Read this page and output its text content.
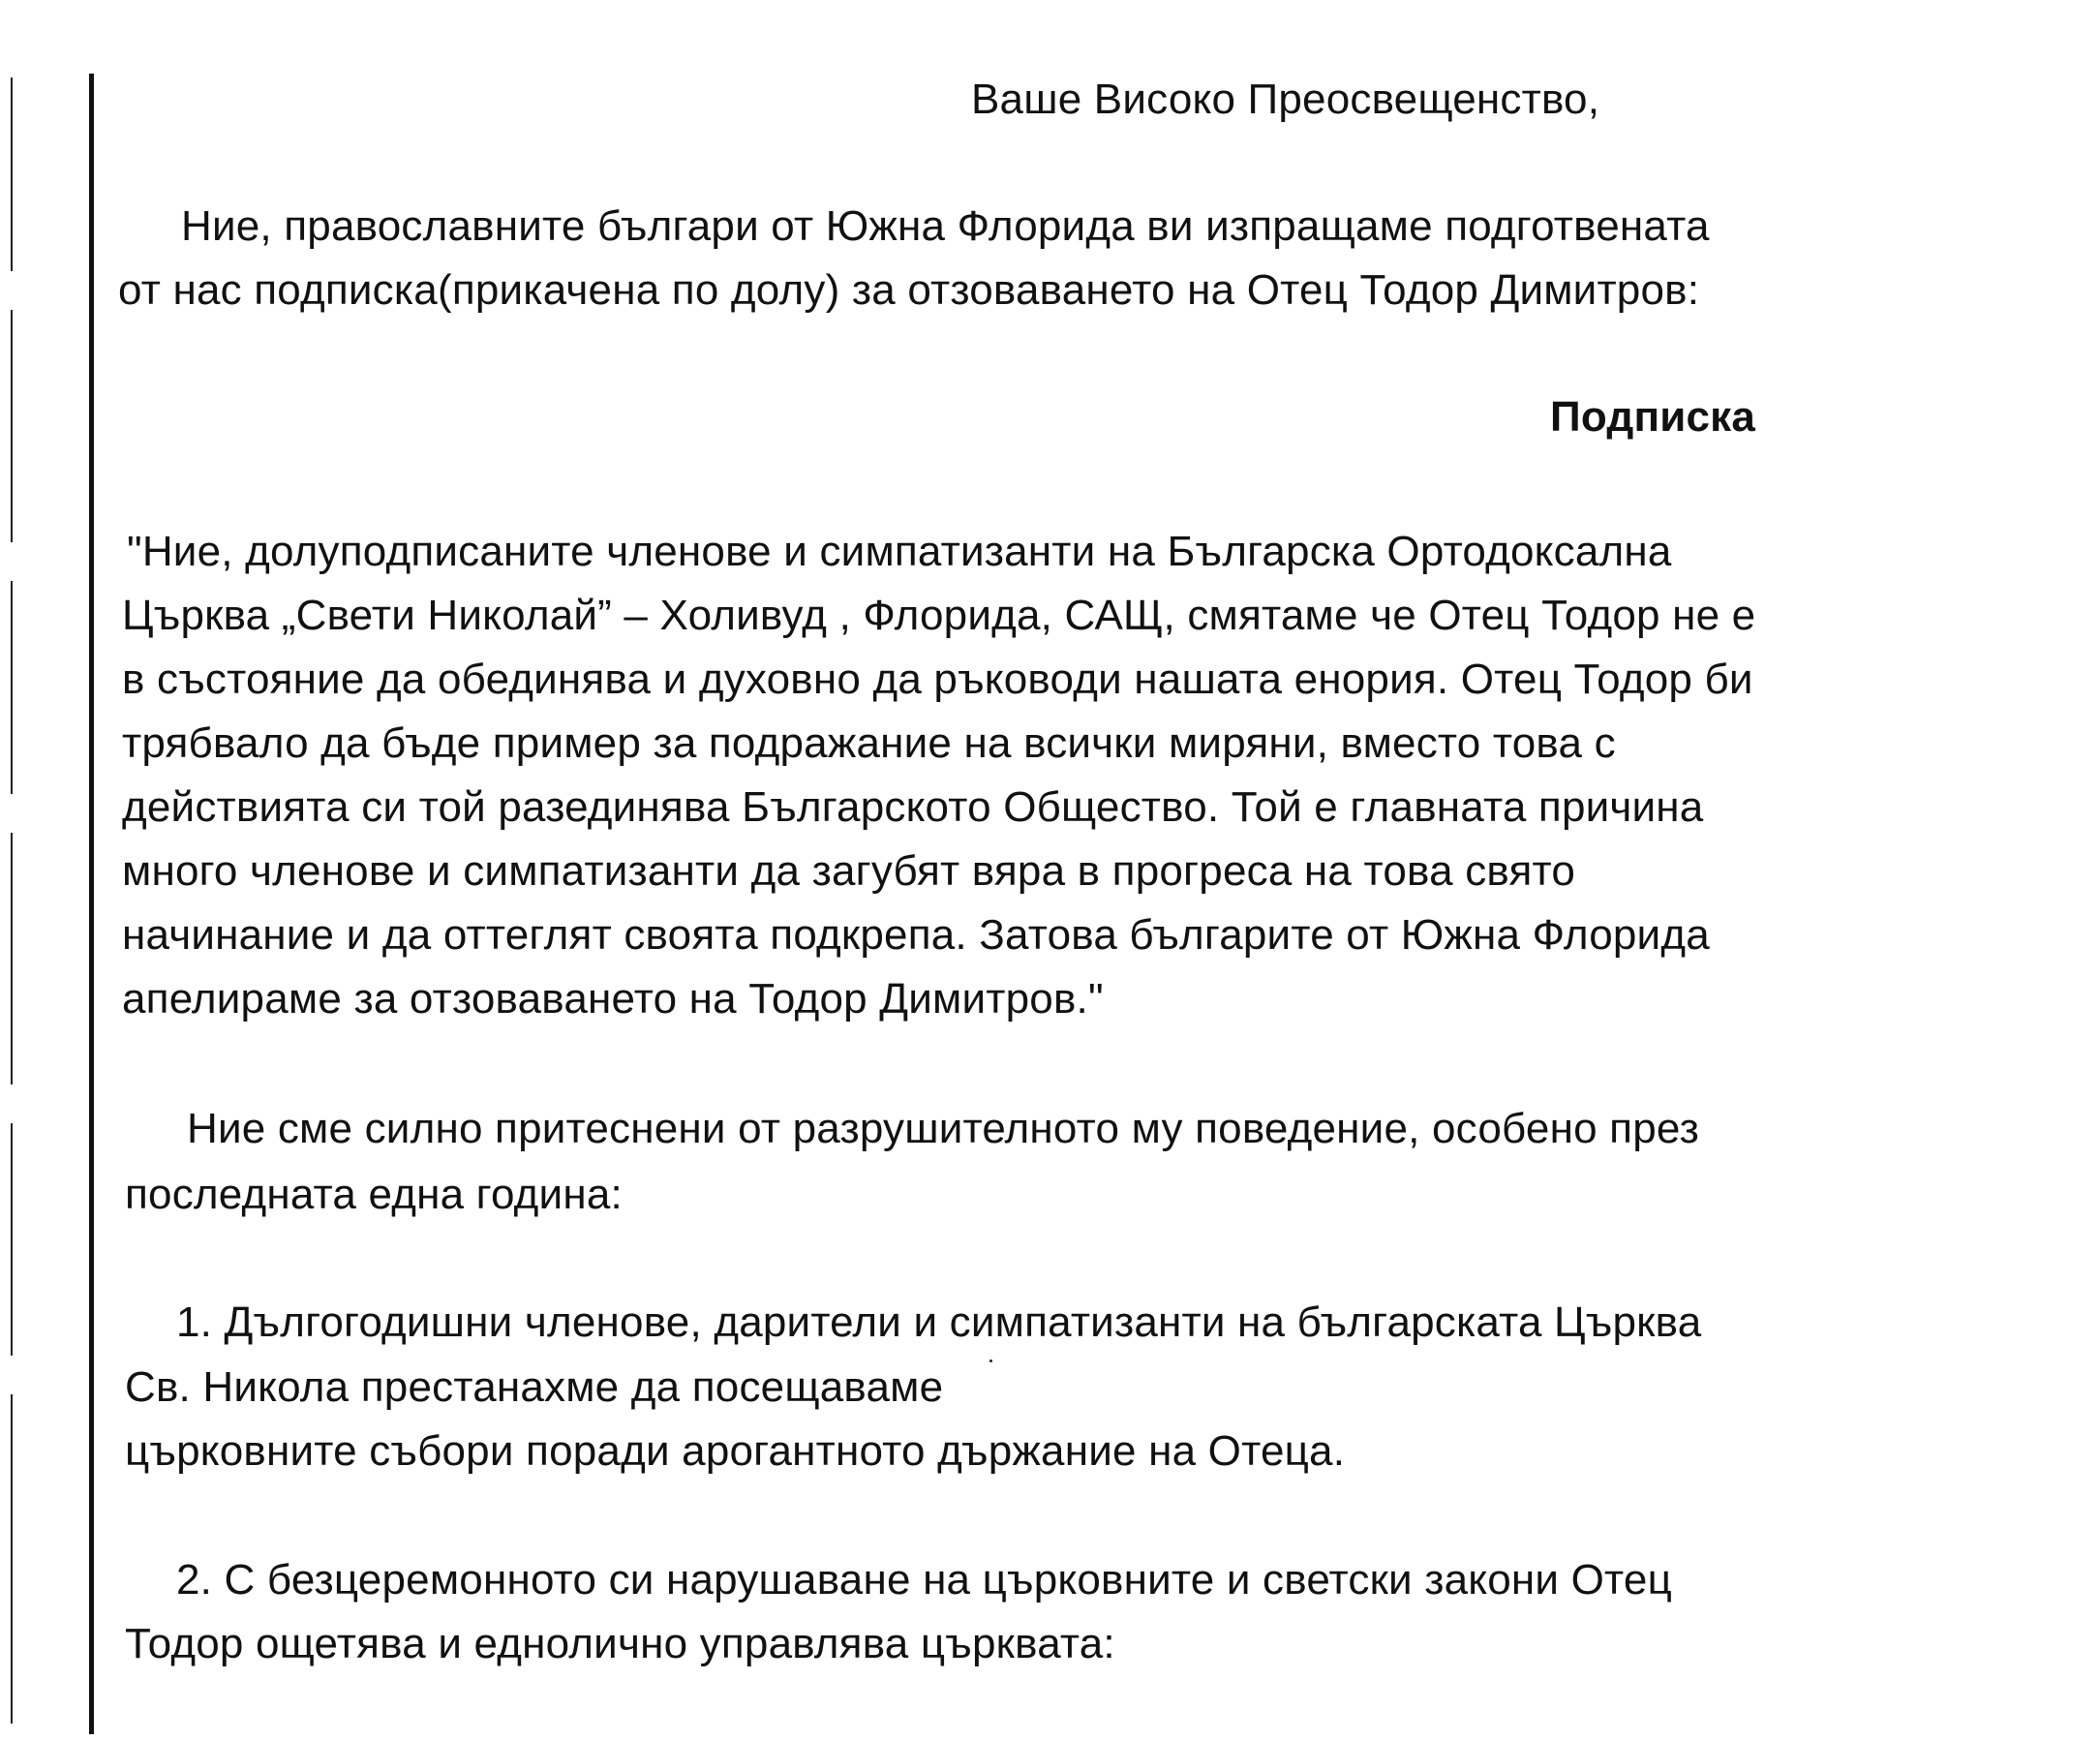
Ваше Високо Преосвещенство,
Ние, православните българи от Южна Флорида ви изпращаме подготвената
от нас подписка(прикачена по долу) за отзоваването на Отец Тодор Димитров:
Подписка
"Ние, долуподписаните членове и симпатизанти на Българска Ортодоксална
Църква „Свети Николай” – Холивуд , Флорида, САЩ, смятаме че Отец Тодор не е
в състояние да обединява и духовно да ръководи нашата енория. Отец Тодор би
трябвало да бъде пример за подражание на всички миряни, вместо това с
действията си той разединява Българското Общество. Той е главната причина
много членове и симпатизанти да загубят вяра в прогреса на това свято
начинание и да оттеглят своята подкрепа. Затова българите от Южна Флорида
апелираме за отзоваването на Тодор Димитров."
Ние сме силно притеснени от разрушителното му поведение, особено през
последната една година:
1. Дългогодишни членове, дарители и симпатизанти на българската Църква
Св. Никола престанахме да посещаваме
църковните събори поради арогантното държание на Отеца.
2. С безцеремонното си нарушаване на църковните и светски закони Отец
Тодор ощетява и еднолично управлява църквата:
